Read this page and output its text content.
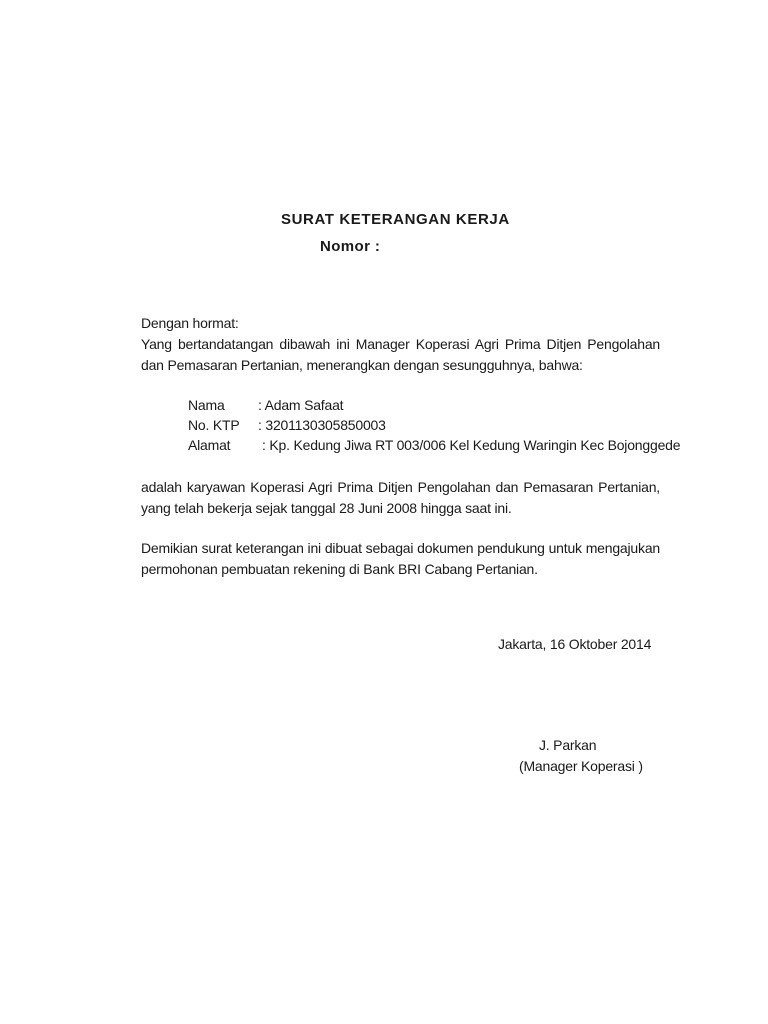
SURAT KETERANGAN KERJA
Nomor :
Dengan hormat:
Yang bertandatangan dibawah ini Manager Koperasi Agri Prima Ditjen Pengolahan dan Pemasaran Pertanian, menerangkan dengan sesungguhnya, bahwa:
Nama	: Adam Safaat
No. KTP	: 3201130305850003
Alamat	: Kp. Kedung Jiwa RT 003/006 Kel Kedung Waringin Kec Bojonggede
adalah karyawan Koperasi Agri Prima Ditjen Pengolahan dan Pemasaran Pertanian, yang telah bekerja sejak tanggal 28 Juni 2008 hingga saat ini.
Demikian surat keterangan ini dibuat sebagai dokumen pendukung untuk mengajukan permohonan pembuatan rekening di Bank BRI Cabang Pertanian.
Jakarta, 16 Oktober 2014
J. Parkan
(Manager Koperasi )
